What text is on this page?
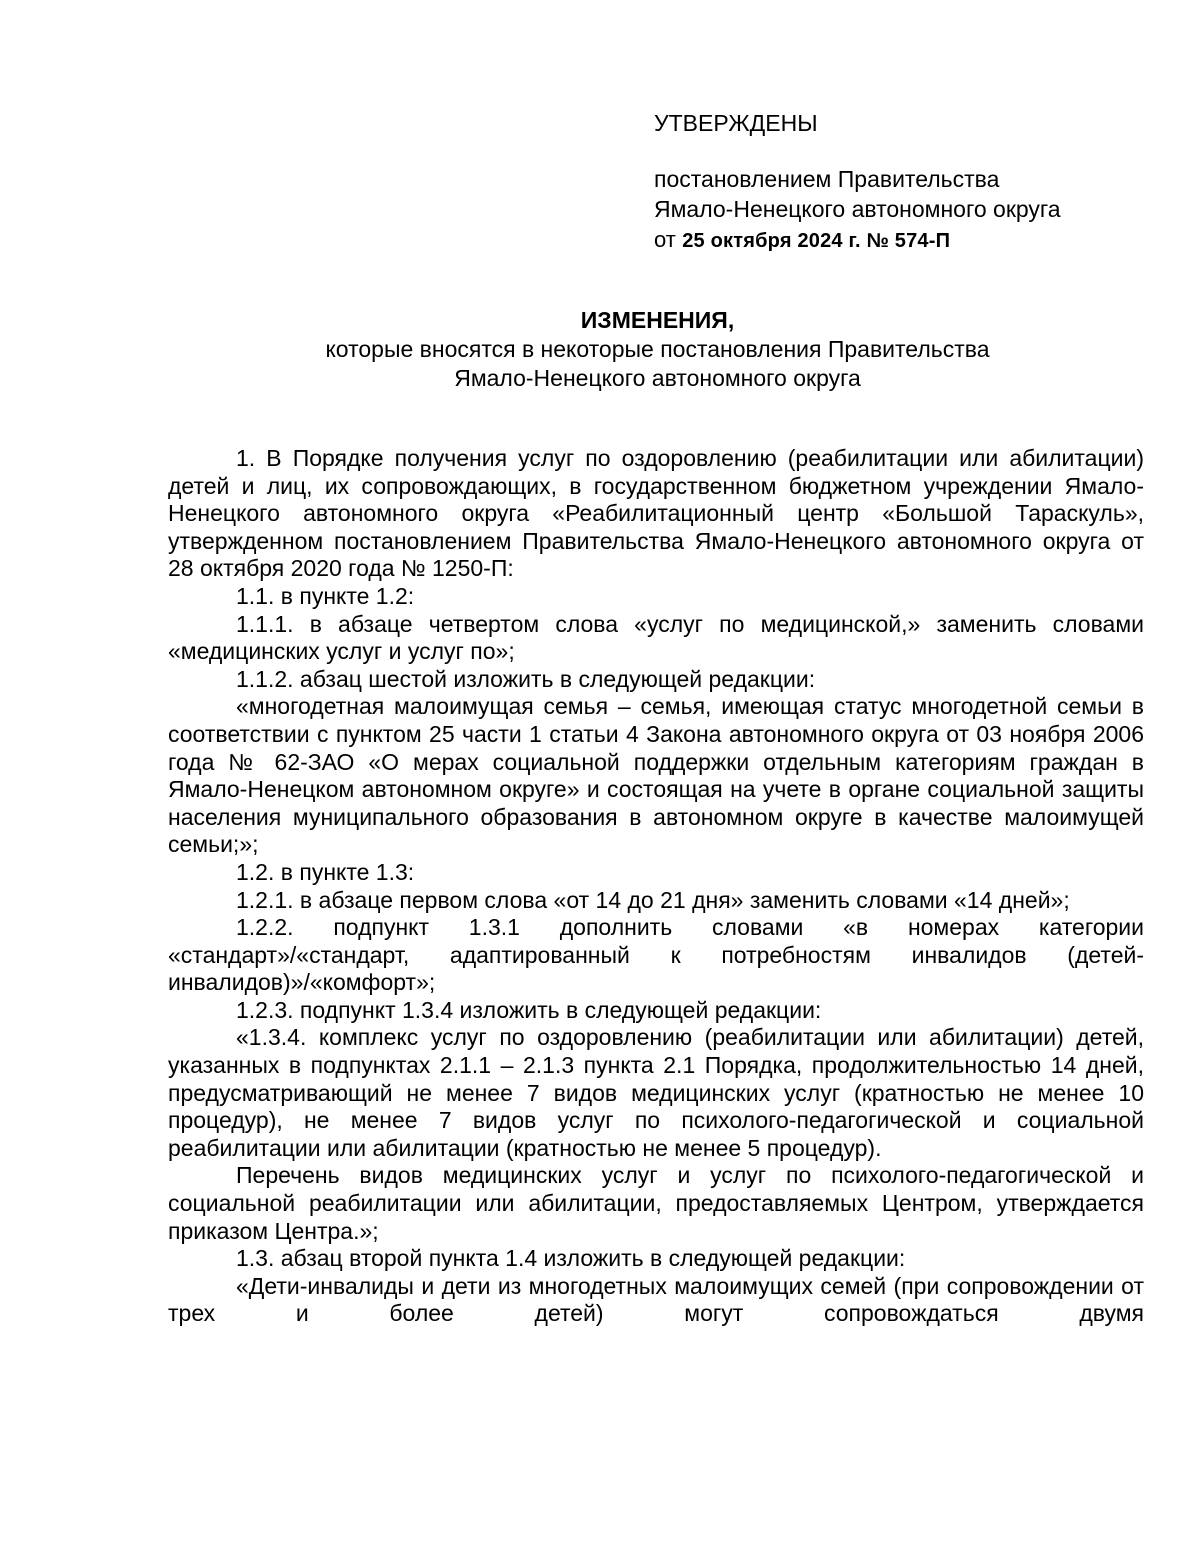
УТВЕРЖДЕНЫ
постановлением Правительства
Ямало-Ненецкого автономного округа
от 25 октября 2024 г. № 574-П
ИЗМЕНЕНИЯ,
которые вносятся в некоторые постановления Правительства
Ямало-Ненецкого автономного округа

1. В Порядке получения услуг по оздоровлению (реабилитации или абилитации) детей и лиц, их сопровождающих, в государственном бюджетном учреждении Ямало-Ненецкого автономного округа «Реабилитационный центр «Большой Тараскуль», утвержденном постановлением Правительства Ямало-Ненецкого автономного округа от 28 октября 2020 года № 1250-П:

1.1. в пункте 1.2:

1.1.1. в абзаце четвертом слова «услуг по медицинской,» заменить словами «медицинских услуг и услуг по»;

1.1.2. абзац шестой изложить в следующей редакции:

«многодетная малоимущая семья – семья, имеющая статус многодетной семьи в соответствии с пунктом 25 части 1 статьи 4 Закона автономного округа от 03 ноября 2006 года № 62-ЗАО «О мерах социальной поддержки отдельным категориям граждан в Ямало-Ненецком автономном округе» и состоящая на учете в органе социальной защиты населения муниципального образования в автономном округе в качестве малоимущей семьи;»;

1.2. в пункте 1.3:

1.2.1. в абзаце первом слова «от 14 до 21 дня» заменить словами «14 дней»;

1.2.2. подпункт 1.3.1 дополнить словами «в номерах категории «стандарт»/«стандарт, адаптированный к потребностям инвалидов (детей-инвалидов)»/«комфорт»;

1.2.3. подпункт 1.3.4 изложить в следующей редакции:

«1.3.4. комплекс услуг по оздоровлению (реабилитации или абилитации) детей, указанных в подпунктах 2.1.1 – 2.1.3 пункта 2.1 Порядка, продолжительностью 14 дней, предусматривающий не менее 7 видов медицинских услуг (кратностью не менее 10 процедур), не менее 7 видов услуг по психолого-педагогической и социальной реабилитации или абилитации (кратностью не менее 5 процедур).

Перечень видов медицинских услуг и услуг по психолого-педагогической и социальной реабилитации или абилитации, предоставляемых Центром, утверждается приказом Центра.»;

1.3. абзац второй пункта 1.4 изложить в следующей редакции:

«Дети-инвалиды и дети из многодетных малоимущих семей (при сопровождении от трех и более детей) могут сопровождаться двумя
